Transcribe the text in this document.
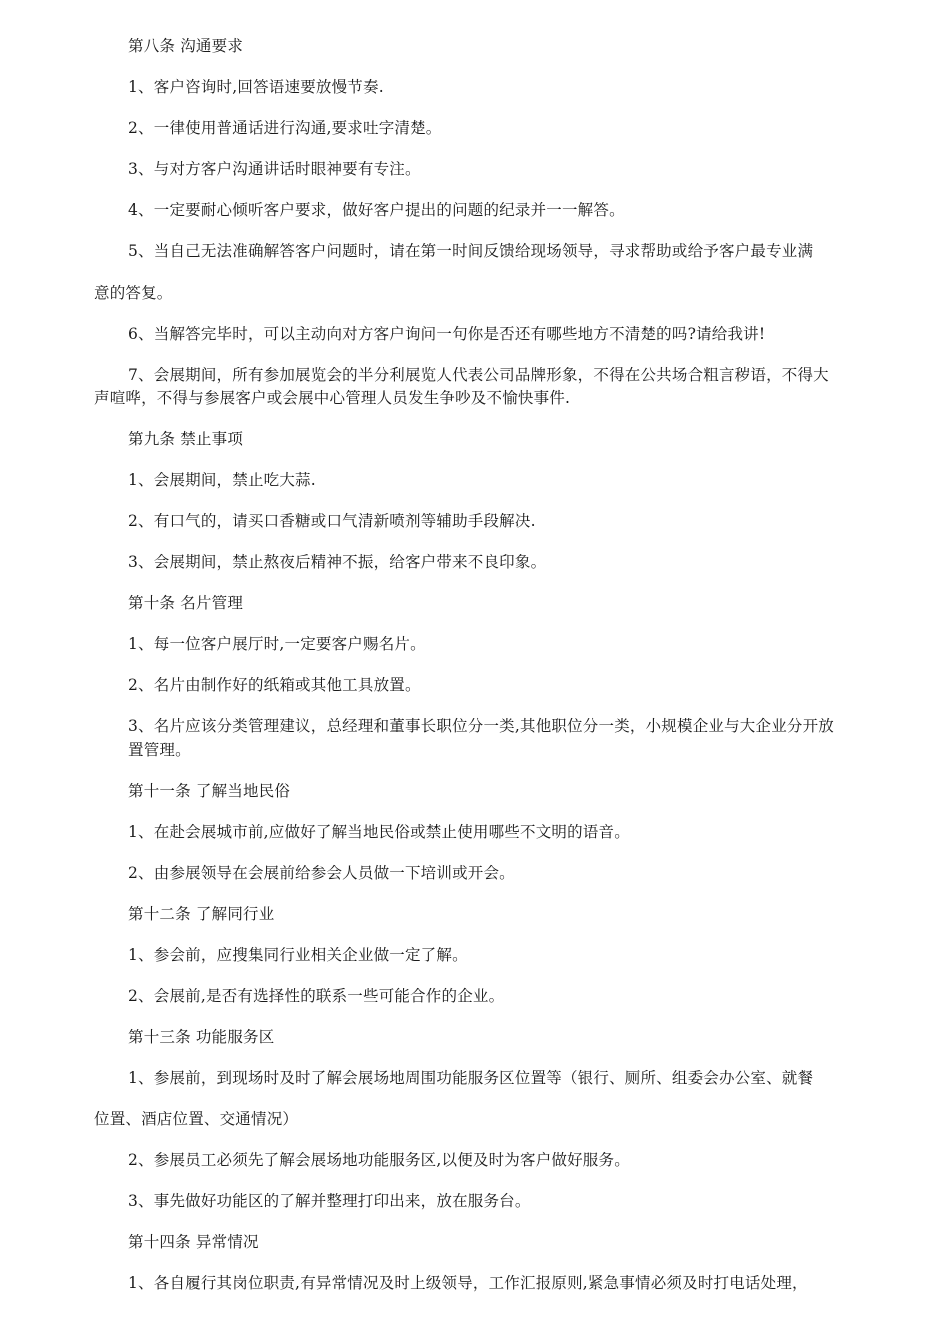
第八条 沟通要求
1、客户咨询时,回答语速要放慢节奏.
2、一律使用普通话进行沟通,要求吐字清楚。
3、与对方客户沟通讲话时眼神要有专注。
4、一定要耐心倾听客户要求，做好客户提出的问题的纪录并一一解答。
5、当自己无法准确解答客户问题时，请在第一时间反馈给现场领导，寻求帮助或给予客户最专业满
意的答复。
6、当解答完毕时，可以主动向对方客户询问一句你是否还有哪些地方不清楚的吗?请给我讲!
7、会展期间，所有参加展览会的半分利展览人代表公司品牌形象，不得在公共场合粗言秽语，不得大
声喧哗，不得与参展客户或会展中心管理人员发生争吵及不愉快事件.
第九条 禁止事项
1、会展期间，禁止吃大蒜.
2、有口气的，请买口香糖或口气清新喷剂等辅助手段解决.
3、会展期间，禁止熬夜后精神不振，给客户带来不良印象。
第十条 名片管理
1、每一位客户展厅时,一定要客户赐名片。
2、名片由制作好的纸箱或其他工具放置。
3、名片应该分类管理建议，总经理和董事长职位分一类,其他职位分一类，小规模企业与大企业分开放
置管理。
第十一条 了解当地民俗
1、在赴会展城市前,应做好了解当地民俗或禁止使用哪些不文明的语音。
2、由参展领导在会展前给参会人员做一下培训或开会。
第十二条 了解同行业
1、参会前，应搜集同行业相关企业做一定了解。
2、会展前,是否有选择性的联系一些可能合作的企业。
第十三条 功能服务区
1、参展前，到现场时及时了解会展场地周围功能服务区位置等（银行、厕所、组委会办公室、就餐
位置、酒店位置、交通情况）
2、参展员工必须先了解会展场地功能服务区,以便及时为客户做好服务。
3、事先做好功能区的了解并整理打印出来，放在服务台。
第十四条 异常情况
1、各自履行其岗位职责,有异常情况及时上级领导，工作汇报原则,紧急事情必须及时打电话处理，
